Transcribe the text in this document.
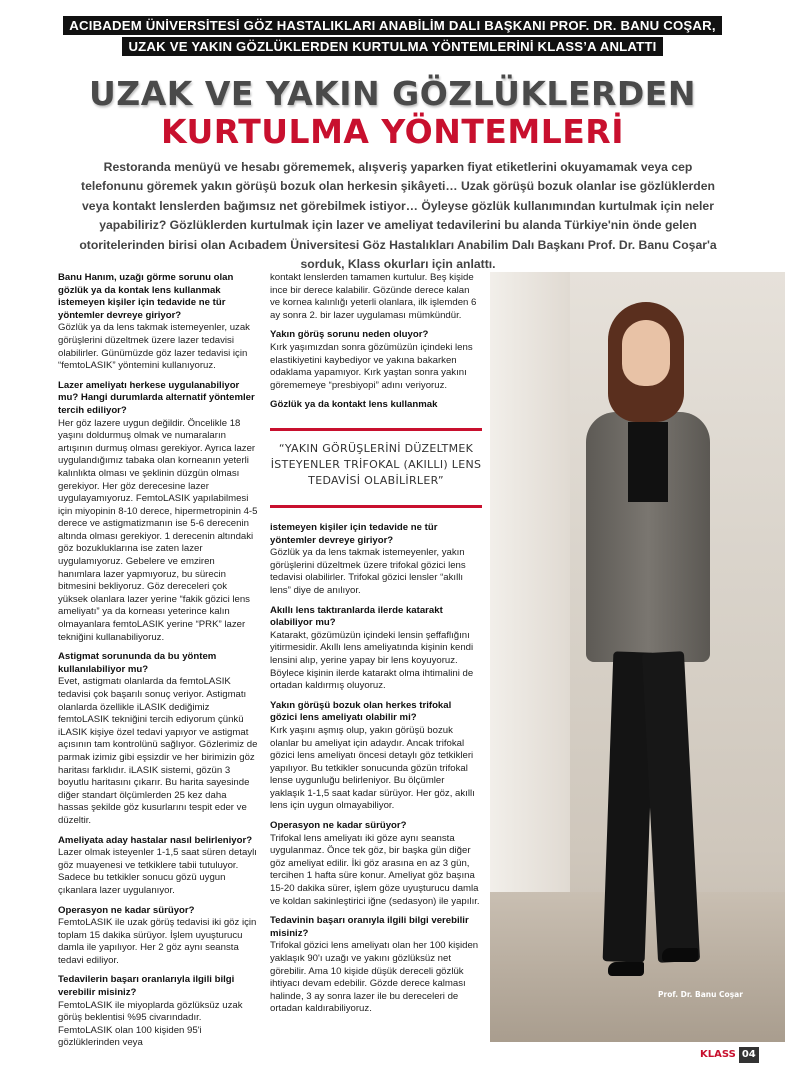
ACIBADEM ÜNİVERSİTESİ GÖZ HASTALIKLARI ANABİLİM DALI BAŞKANI PROF. DR. BANU COŞAR,
UZAK VE YAKIN GÖZLÜKLERDEN KURTULMA YÖNTEMLERİNİ KLASS’A ANLATTI
UZAK VE YAKIN GÖZLÜKLERDEN
KURTULMA YÖNTEMLERİ
Restoranda menüyü ve hesabı görememek, alışveriş yaparken fiyat etiketlerini okuyamamak veya cep telefonunu göremek yakın görüşü bozuk olan herkesin şikâyeti… Uzak görüşü bozuk olanlar ise gözlüklerden veya kontakt lenslerden bağımsız net görebilmek istiyor… Öyleyse gözlük kullanımından kurtulmak için neler yapabiliriz? Gözlüklerden kurtulmak için lazer ve ameliyat tedavilerini bu alanda Türkiye'nin önde gelen otoritelerinden birisi olan Acıbadem Üniversitesi Göz Hastalıkları Anabilim Dalı Başkanı Prof. Dr. Banu Coşar'a sorduk, Klass okurları için anlattı.
Banu Hanım, uzağı görme sorunu olan gözlük ya da kontak lens kullanmak istemeyen kişiler için tedavide ne tür yöntemler devreye giriyor?
Gözlük ya da lens takmak istemeyenler, uzak görüşlerini düzeltmek üzere lazer tedavisi olabilirler. Günümüzde göz lazer tedavisi için “femtoLASIK” yöntemini kullanıyoruz.
Lazer ameliyatı herkese uygulanabiliyor mu? Hangi durumlarda alternatif yöntemler tercih ediliyor?
Her göz lazere uygun değildir. Öncelikle 18 yaşını doldurmuş olmak ve numaraların artışının durmuş olması gerekiyor. Ayrıca lazer uygulandığımız tabaka olan korneanın yeterli kalınlıkta olması ve şeklinin düzgün olması gerekiyor. Her göz derecesine lazer uygulayamıyoruz. FemtoLASIK yapılabilmesi için miyopinin 8-10 derece, hipermetropinin 4-5 derece ve astigmatizmanın ise 5-6 derecenin altında olması gerekiyor. 1 derecenin altındaki göz bozukluklarına ise zaten lazer uygulamıyoruz. Gebelere ve emziren hanımlara lazer yapmıyoruz, bu sürecin bitmesini bekliyoruz. Göz dereceleri çok yüksek olanlara lazer yerine “fakik gözici lens ameliyatı” ya da korneası yeterince kalın olmayanlara femtoLASIK yerine “PRK” lazer tekniğini kullanabiliyoruz.
Astigmat sorununda da bu yöntem kullanılabiliyor mu?
Evet, astigmatı olanlarda da femtoLASIK tedavisi çok başarılı sonuç veriyor. Astigmatı olanlarda özellikle iLASIK dediğimiz femtoLASIK tekniğini tercih ediyorum çünkü iLASIK kişiye özel tedavi yapıyor ve astigmat açısının tam kontrolünü sağlıyor. Gözlerimiz de parmak izimiz gibi eşsizdir ve her birimizin göz haritası farklıdır. iLASIK sistemi, gözün 3 boyutlu haritasını çıkarır. Bu harita sayesinde diğer standart ölçümlerden 25 kez daha hassas şekilde göz kusurlarını tespit eder ve düzeltir.
Ameliyata aday hastalar nasıl belirleniyor?
Lazer olmak isteyenler 1-1,5 saat süren detaylı göz muayenesi ve tetkiklere tabii tutuluyor. Sadece bu tetkikler sonucu gözü uygun çıkanlara lazer uygulanıyor.
Operasyon ne kadar sürüyor?
FemtoLASIK ile uzak görüş tedavisi iki göz için toplam 15 dakika sürüyor. İşlem uyuşturucu damla ile yapılıyor. Her 2 göz aynı seansta tedavi ediliyor.
Tedavilerin başarı oranlarıyla ilgili bilgi verebilir misiniz?
FemtoLASIK ile miyoplarda gözlüksüz uzak görüş beklentisi %95 civarındadır. FemtoLASIK olan 100 kişiden 95'i gözlüklerinden veya
kontakt lenslerden tamamen kurtulur. Beş kişide ince bir derece kalabilir. Gözünde derece kalan ve kornea kalınlığı yeterli olanlara, ilk işlemden 6 ay sonra 2. bir lazer uygulaması mümkündür.
Yakın görüş sorunu neden oluyor?
Kırk yaşımızdan sonra gözümüzün içindeki lens elastikiyetini kaybediyor ve yakına bakarken odaklama yapamıyor. Kırk yaştan sonra yakını görememeye “presbiyopi” adını veriyoruz.
Gözlük ya da kontakt lens kullanmak
“YAKIN GÖRÜŞLERİNİ DÜZELTMEK İSTEYENLER TRİFOKAL (AKILLI) LENS TEDAVİSİ OLABİLİRLER”
istemeyen kişiler için tedavide ne tür yöntemler devreye giriyor?
Gözlük ya da lens takmak istemeyenler, yakın görüşlerini düzeltmek üzere trifokal gözici lens tedavisi olabilirler. Trifokal gözici lensler “akıllı lens” diye de anılıyor.
Akıllı lens taktıranlarda ilerde katarakt olabiliyor mu?
Katarakt, gözümüzün içindeki lensin şeffaflığını yitirmesidir. Akıllı lens ameliyatında kişinin kendi lensini alıp, yerine yapay bir lens koyuyoruz. Böylece kişinin ilerde katarakt olma ihtimalini de ortadan kaldırmış oluyoruz.
Yakın görüşü bozuk olan herkes trifokal gözici lens ameliyatı olabilir mi?
Kırk yaşını aşmış olup, yakın görüşü bozuk olanlar bu ameliyat için adaydır. Ancak trifokal gözici lens ameliyatı öncesi detaylı göz tetkikleri yapılıyor. Bu tetkikler sonucunda gözün trifokal lense uygunluğu belirleniyor. Bu ölçümler yaklaşık 1-1,5 saat kadar sürüyor. Her göz, akıllı lens için uygun olmayabiliyor.
Operasyon ne kadar sürüyor?
Trifokal lens ameliyatı iki göze aynı seansta uygulanmaz. Önce tek göz, bir başka gün diğer göz ameliyat edilir. İki göz arasına en az 3 gün, tercihen 1 hafta süre konur. Ameliyat göz başına 15-20 dakika sürer, işlem göze uyuşturucu damla ve koldan sakinleştirici iğne (sedasyon) ile yapılır.
Tedavinin başarı oranıyla ilgili bilgi verebilir misiniz?
Trifokal gözici lens ameliyatı olan her 100 kişiden yaklaşık 90'ı uzağı ve yakını gözlüksüz net görebilir. Ama 10 kişide düşük dereceli gözlük ihtiyacı devam edebilir. Gözde derece kalması halinde, 3 ay sonra lazer ile bu dereceleri de ortadan kaldırabiliyoruz.
Prof. Dr. Banu Coşar
KLASS 04
